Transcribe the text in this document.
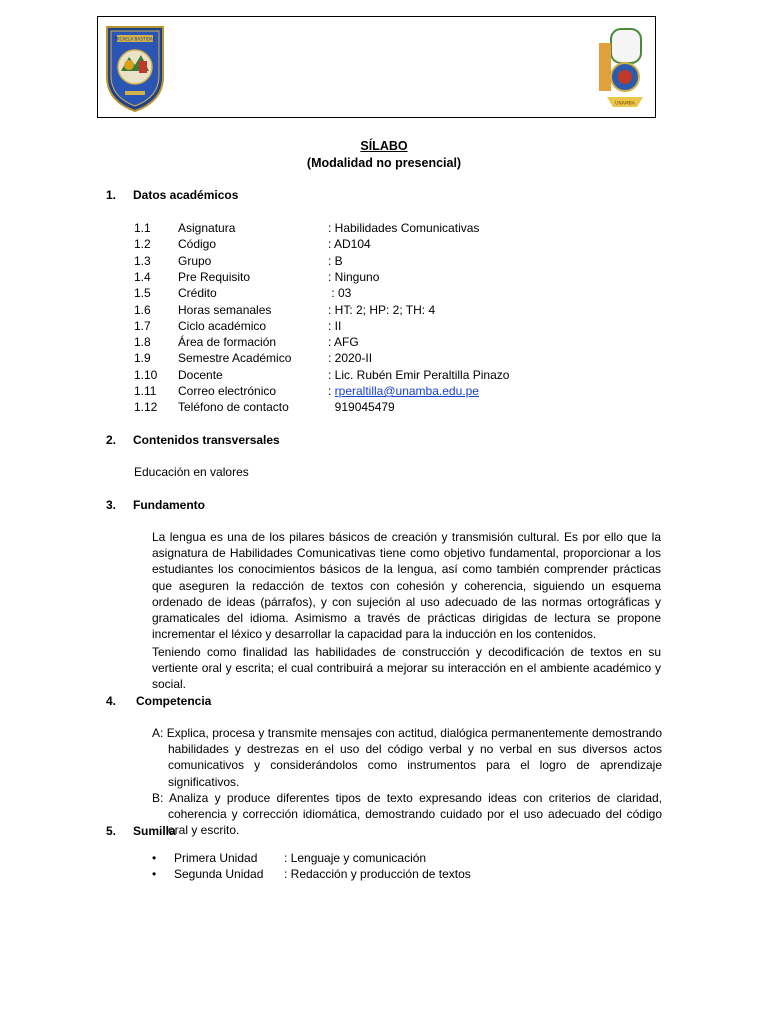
MICAELA BASTIDAS
UNAMBA
SÍLABO
(Modalidad no presencial)
1. Datos académicos
1.1 Asignatura	: Habilidades Comunicativas
1.2 Código	: AD104
1.3 Grupo	: B
1.4 Pre Requisito	: Ninguno
1.5 Crédito	: 03
1.6 Horas semanales	: HT: 2; HP: 2; TH: 4
1.7 Ciclo académico	: II
1.8 Área de formación	: AFG
1.9 Semestre Académico	: 2020-II
1.10 Docente	: Lic. Rubén Emir Peraltilla Pinazo
1.11 Correo electrónico	: rperaltilla@unamba.edu.pe
1.12 Teléfono de contacto	919045479
2. Contenidos transversales
Educación en valores
3. Fundamento
La lengua es una de los pilares básicos de creación y transmisión cultural. Es por ello que la asignatura de Habilidades Comunicativas tiene como objetivo fundamental, proporcionar a los estudiantes los conocimientos básicos de la lengua, así como también comprender prácticas que aseguren la redacción de textos con cohesión y coherencia, siguiendo un esquema ordenado de ideas (párrafos), y con sujeción al uso adecuado de las normas ortográficas y gramaticales del idioma. Asimismo a través de prácticas dirigidas de lectura se propone incrementar el léxico y desarrollar la capacidad para la inducción en los contenidos.
Teniendo como finalidad las habilidades de construcción y decodificación de textos en su vertiente oral y escrita; el cual contribuirá a mejorar su interacción en el ambiente académico y social.
4. Competencia

A: Explica, procesa y transmite mensajes con actitud, dialógica permanentemente demostrando habilidades y destrezas en el uso del código verbal y no verbal en sus diversos actos comunicativos y considerándolos como instrumentos para el logro de aprendizaje significativos.

B: Analiza y produce diferentes tipos de texto expresando ideas con criterios de claridad, coherencia y corrección idiomática, demostrando cuidado por el uso adecuado del código oral y escrito.

5. Sumilla
• Primera Unidad : Lenguaje y comunicación
• Segunda Unidad : Redacción y producción de textos
